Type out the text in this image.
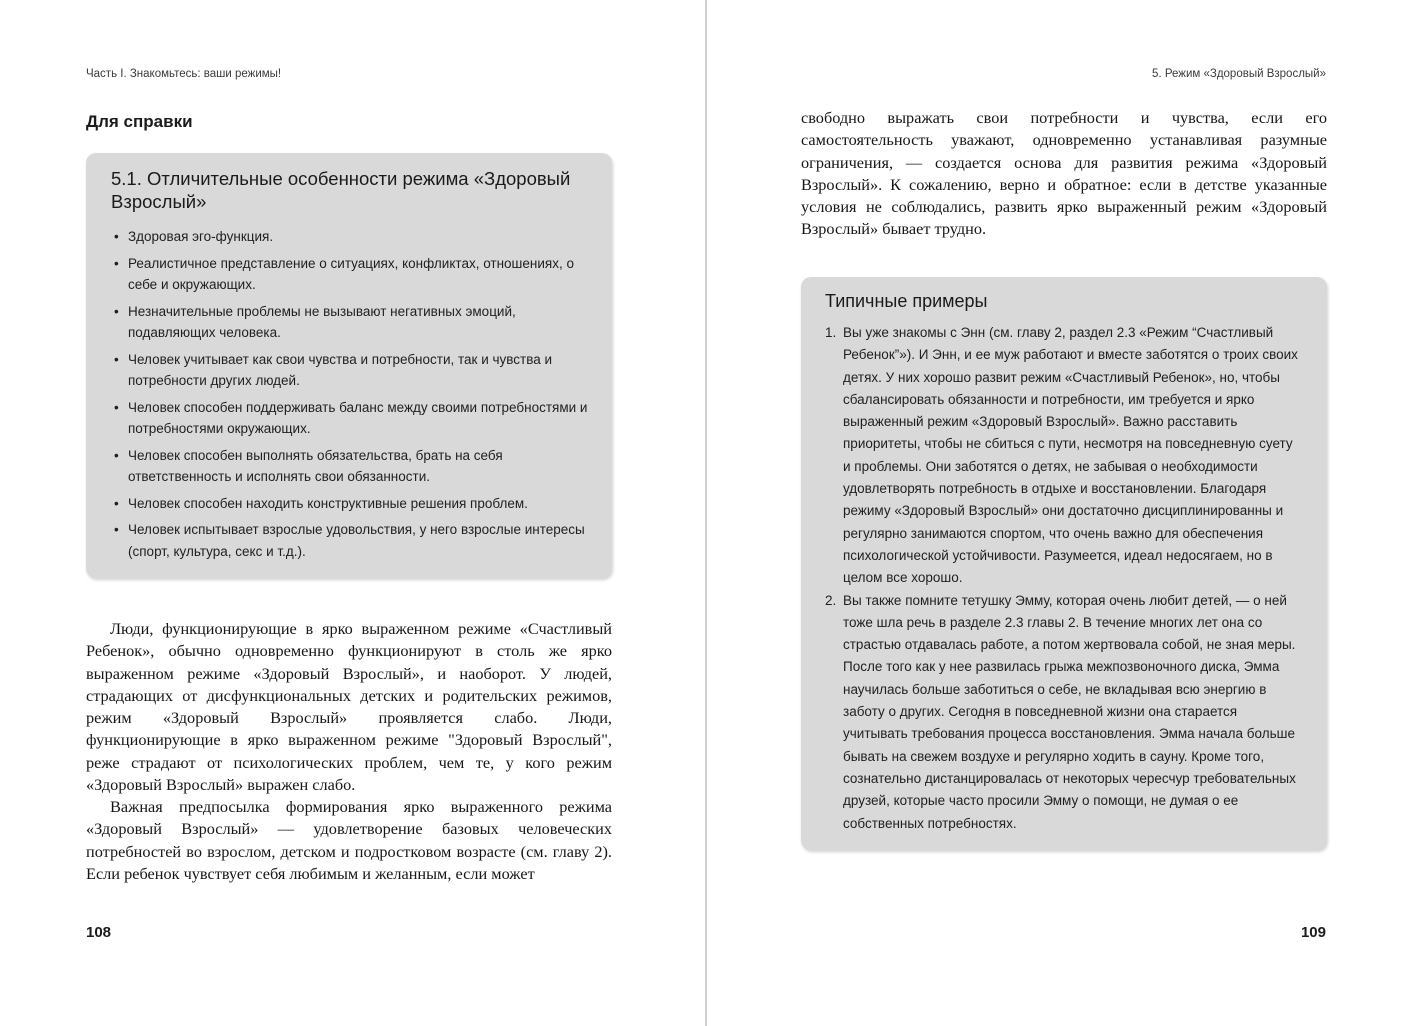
Часть I. Знакомьтесь: ваши режимы!
Для справки
5.1. Отличительные особенности режима «Здоровый Взрослый»
• Здоровая эго-функция.
• Реалистичное представление о ситуациях, конфликтах, отношениях, о себе и окружающих.
• Незначительные проблемы не вызывают негативных эмоций, подавляющих человека.
• Человек учитывает как свои чувства и потребности, так и чувства и потребности других людей.
• Человек способен поддерживать баланс между своими потребностями и потребностями окружающих.
• Человек способен выполнять обязательства, брать на себя ответственность и исполнять свои обязанности.
• Человек способен находить конструктивные решения проблем.
• Человек испытывает взрослые удовольствия, у него взрослые интересы (спорт, культура, секс и т.д.).

Люди, функционирующие в ярко выраженном режиме «Счастливый Ребенок», обычно одновременно функционируют в столь же ярко выраженном режиме «Здоровый Взрослый», и наоборот. У людей, страдающих от дисфункциональных детских и родительских режимов, режим «Здоровый Взрослый» проявляется слабо. Люди, функционирующие в ярко выраженном режиме "Здоровый Взрослый", реже страдают от психологических проблем, чем те, у кого режим «Здоровый Взрослый» выражен слабо.

Важная предпосылка формирования ярко выраженного режима «Здоровый Взрослый» — удовлетворение базовых человеческих потребностей во взрослом, детском и подростковом возрасте (см. главу 2). Если ребенок чувствует себя любимым и желанным, если может

108
5. Режим «Здоровый Взрослый»

свободно выражать свои потребности и чувства, если его самостоятельность уважают, одновременно устанавливая разумные ограничения, — создается основа для развития режима «Здоровый Взрослый». К сожалению, верно и обратное: если в детстве указанные условия не соблюдались, развить ярко выраженный режим «Здоровый Взрослый» бывает трудно.

Типичные примеры
1. Вы уже знакомы с Энн (см. главу 2, раздел 2.3 «Режим “Счастливый Ребенок”»). И Энн, и ее муж работают и вместе заботятся о троих своих детях. У них хорошо развит режим «Счастливый Ребенок», но, чтобы сбалансировать обязанности и потребности, им требуется и ярко выраженный режим «Здоровый Взрослый». Важно расставить приоритеты, чтобы не сбиться с пути, несмотря на повседневную суету и проблемы. Они заботятся о детях, не забывая о необходимости удовлетворять потребность в отдыхе и восстановлении. Благодаря режиму «Здоровый Взрослый» они достаточно дисциплинированны и регулярно занимаются спортом, что очень важно для обеспечения психологической устойчивости. Разумеется, идеал недосягаем, но в целом все хорошо.
2. Вы также помните тетушку Эмму, которая очень любит детей, — о ней тоже шла речь в разделе 2.3 главы 2. В течение многих лет она со страстью отдавалась работе, а потом жертвовала собой, не зная меры. После того как у нее развилась грыжа межпозвоночного диска, Эмма научилась больше заботиться о себе, не вкладывая всю энергию в заботу о других. Сегодня в повседневной жизни она старается учитывать требования процесса восстановления. Эмма начала больше бывать на свежем воздухе и регулярно ходить в сауну. Кроме того, сознательно дистанцировалась от некоторых чересчур требовательных друзей, которые часто просили Эмму о помощи, не думая о ее собственных потребностях.
109
